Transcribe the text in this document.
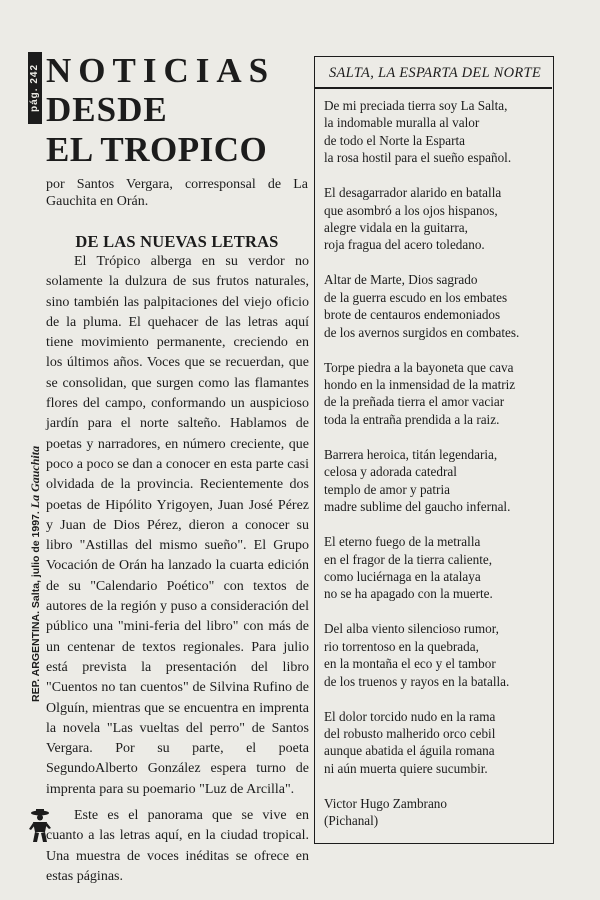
pág. 242
REP. ARGENTINA. Salta, julio de 1997. La Gauchita
NOTICIAS
DESDE
EL TROPICO
por Santos Vergara, corresponsal de La Gauchita en Orán.
DE LAS NUEVAS LETRAS

El Trópico alberga en su verdor no solamente la dulzura de sus frutos naturales, sino también las palpitaciones del viejo oficio de la pluma. El quehacer de las letras aquí tiene movimiento permanente, creciendo en los últimos años. Voces que se recuerdan, que se consolidan, que surgen como las flamantes flores del campo, conformando un auspicioso jardín para el norte salteño. Hablamos de poetas y narradores, en número creciente, que poco a poco se dan a conocer en esta parte casi olvidada de la provincia. Recientemente dos poetas de Hipólito Yrigoyen, Juan José Pérez y Juan de Dios Pérez, dieron a conocer su libro "Astillas del mismo sueño". El Grupo Vocación de Orán ha lanzado la cuarta edición de su "Calendario Poético" con textos de autores de la región y puso a consideración del público una "mini-feria del libro" con más de un centenar de textos regionales. Para julio está prevista la presentación del libro "Cuentos no tan cuentos" de Silvina Rufino de Olguín, mientras que se encuentra en imprenta la novela "Las vueltas del perro" de Santos Vergara. Por su parte, el poeta SegundoAlberto González espera turno de imprenta para su poemario "Luz de Arcilla".

Este es el panorama que se vive en cuanto a las letras aquí, en la ciudad tropical. Una muestra de voces inéditas se ofrece en estas páginas.

SALTA, LA ESPARTA DEL NORTE
De mi preciada tierra soy La Salta,
la indomable muralla al valor
de todo el Norte la Esparta
la rosa hostil para el sueño español.
El desagarrador alarido en batalla
que asombró a los ojos hispanos,
alegre vidala en la guitarra,
roja fragua del acero toledano.
Altar de Marte, Dios sagrado
de la guerra escudo en los embates
brote de centauros endemoniados
de los avernos surgidos en combates.
Torpe piedra a la bayoneta que cava
hondo en la inmensidad de la matriz
de la preñada tierra el amor vaciar
toda la entraña prendida a la raiz.
Barrera heroica, titán legendaria,
celosa y adorada catedral
templo de amor y patria
madre sublime del gaucho infernal.
El eterno fuego de la metralla
en el fragor de la tierra caliente,
como luciérnaga en la atalaya
no se ha apagado con la muerte.
Del alba viento silencioso rumor,
rio torrentoso en la quebrada,
en la montaña el eco y el tambor
de los truenos y rayos en la batalla.
El dolor torcido nudo en la rama
del robusto malherido orco cebil
aunque abatida el águila romana
ni aún muerta quiere sucumbir.
Victor Hugo Zambrano
(Pichanal)
